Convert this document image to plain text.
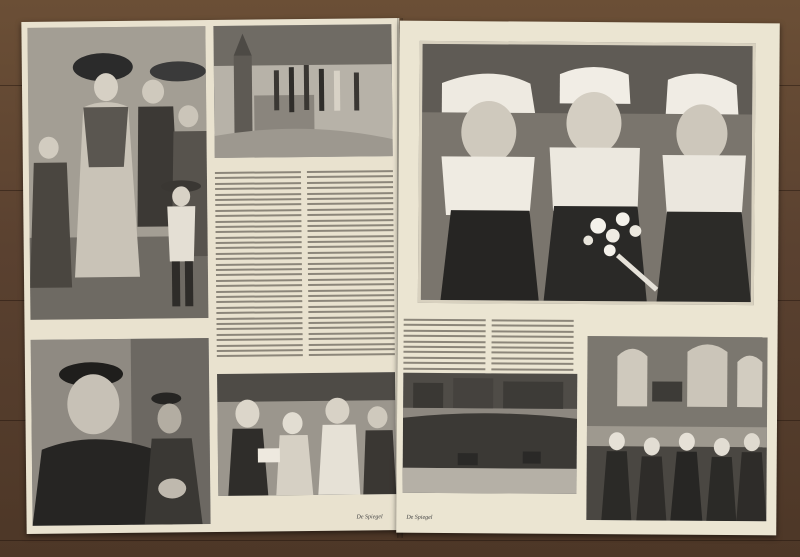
De Spiegel	De Spiegel
